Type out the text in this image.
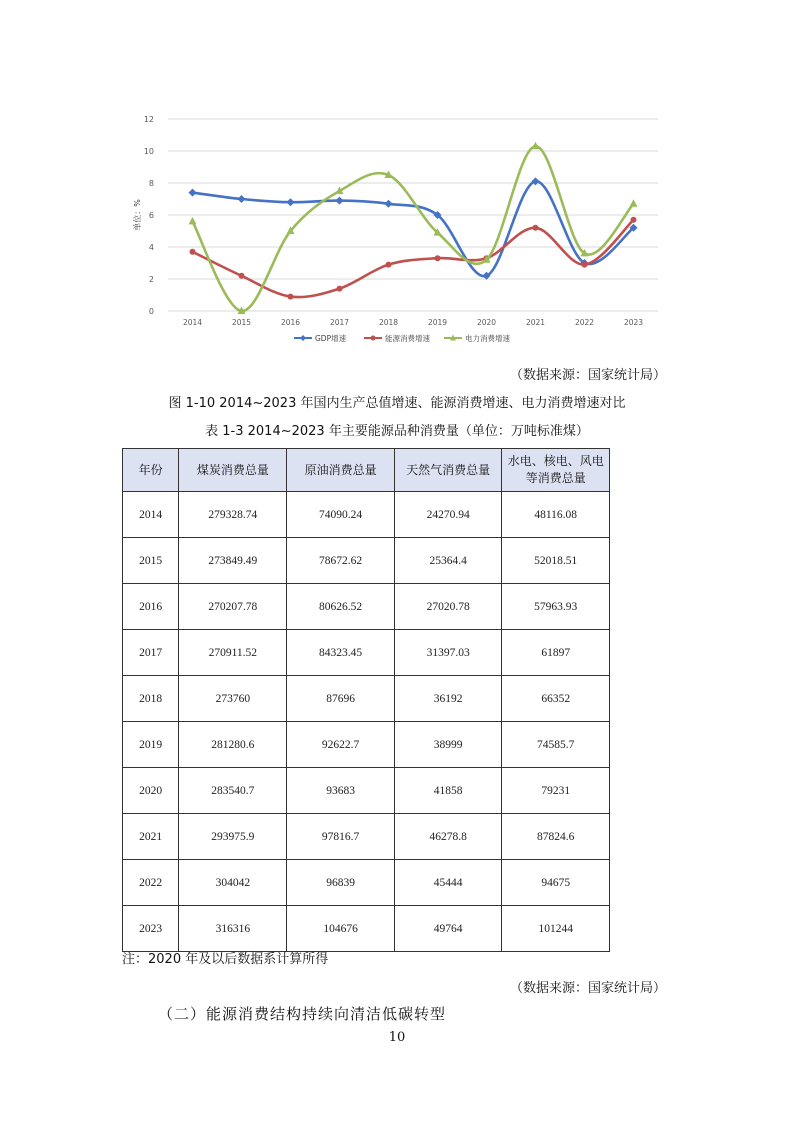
0
2
4
6
8
10
12
单位：%
2014	2015	2016	2017	2018	2019	2020	2021	2022	2023
GDP增速	能源消费增速	电力消费增速
（数据来源：国家统计局）
图 1-10 2014~2023 年国内生产总值增速、能源消费增速、电力消费增速对比
表 1-3 2014~2023 年主要能源品种消费量（单位：万吨标准煤）
年份	煤炭消费总量	原油消费总量	天然气消费总量	水电、核电、风电等消费总量
2014	279328.74	74090.24	24270.94	48116.08
2015	273849.49	78672.62	25364.4	52018.51
2016	270207.78	80626.52	27020.78	57963.93
2017	270911.52	84323.45	31397.03	61897
2018	273760	87696	36192	66352
2019	281280.6	92622.7	38999	74585.7
2020	283540.7	93683	41858	79231
2021	293975.9	97816.7	46278.8	87824.6
2022	304042	96839	45444	94675
2023	316316	104676	49764	101244
注：2020 年及以后数据系计算所得
（数据来源：国家统计局）
（二）能源消费结构持续向清洁低碳转型
10
